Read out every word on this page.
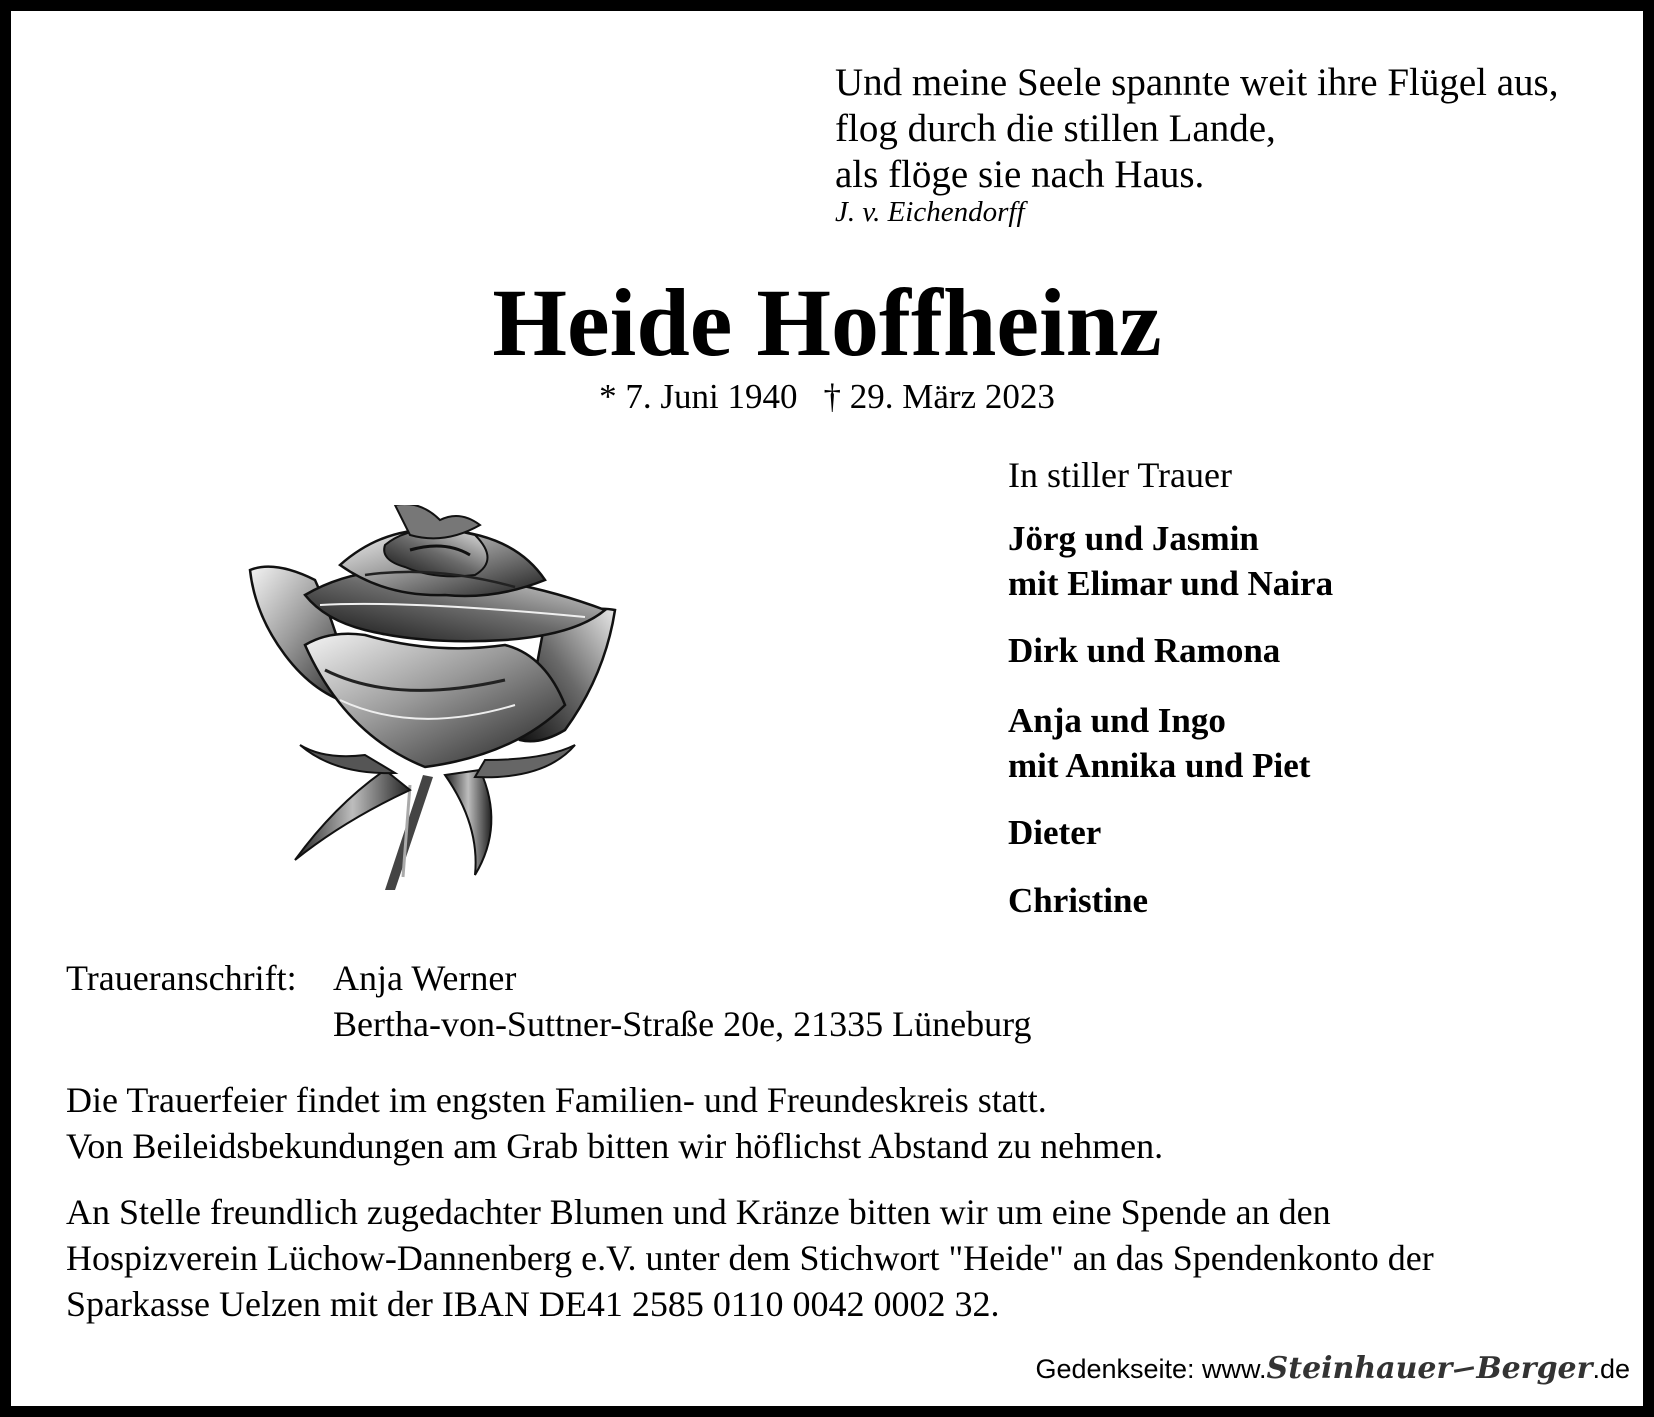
Und meine Seele spannte weit ihre Flügel aus,
flog durch die stillen Lande,
als flöge sie nach Haus.
J. v. Eichendorff
Heide Hoffheinz
* 7. Juni 1940 † 29. März 2023
In stiller Trauer
Jörg und Jasmin
mit Elimar und Naira
Dirk und Ramona
Anja und Ingo
mit Annika und Piet
Dieter
Christine
Traueranschrift: Anja Werner
Bertha-von-Suttner-Straße 20e, 21335 Lüneburg
Die Trauerfeier findet im engsten Familien- und Freundeskreis statt.
Von Beileidsbekundungen am Grab bitten wir höflichst Abstand zu nehmen.
An Stelle freundlich zugedachter Blumen und Kränze bitten wir um eine Spende an den
Hospizverein Lüchow-Dannenberg e.V. unter dem Stichwort "Heide" an das Spendenkonto der
Sparkasse Uelzen mit der IBAN DE41 2585 0110 0042 0002 32.
Gedenkseite: www. Steinhauer Berger .de
